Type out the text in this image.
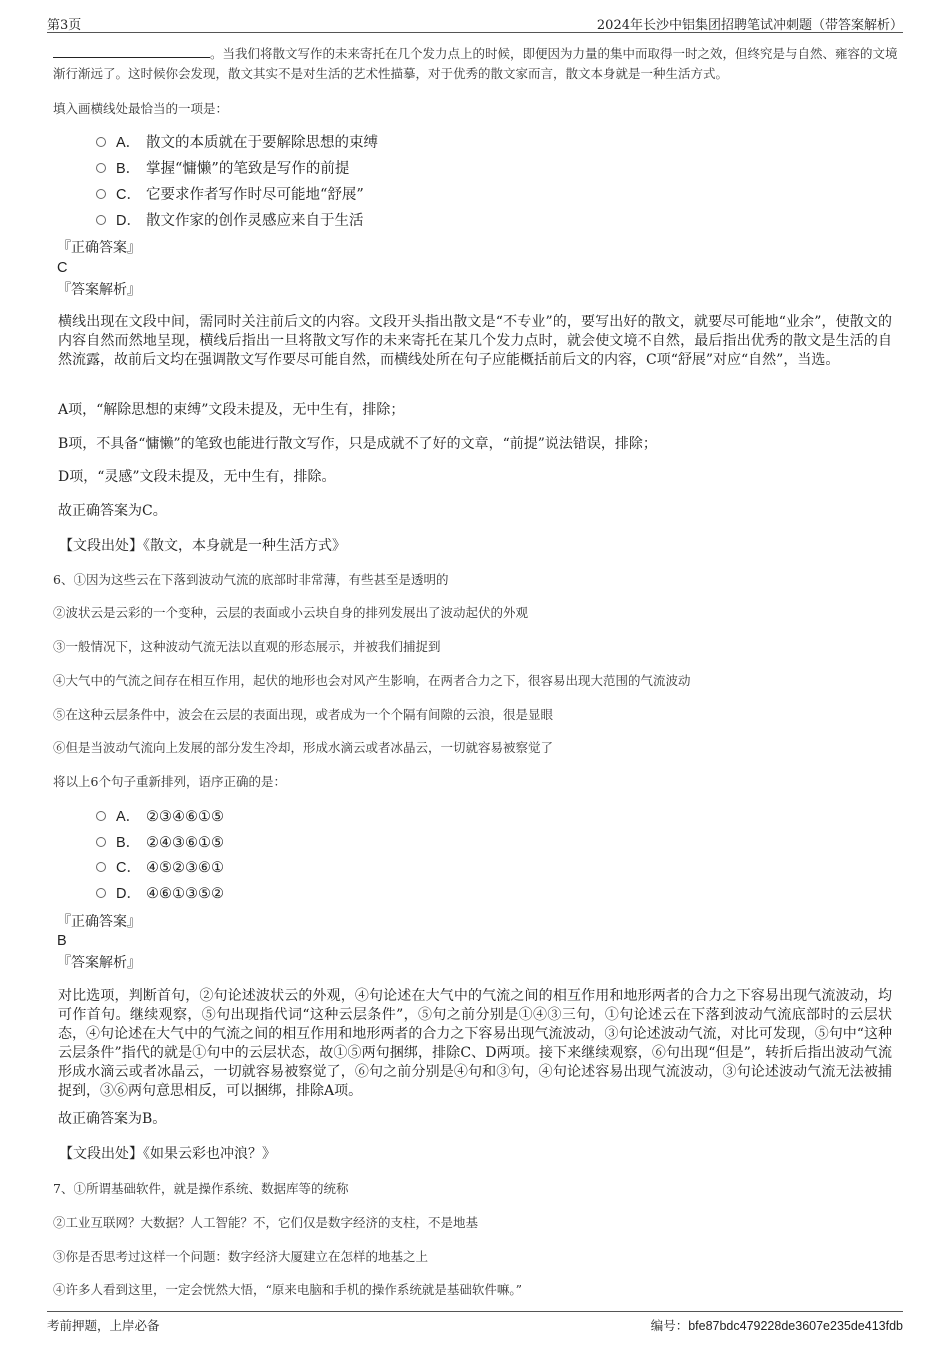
第3页	2024年长沙中铝集团招聘笔试冲刺题（带答案解析）
。当我们将散文写作的未来寄托在几个发力点上的时候，即便因为力量的集中而取得一时之效，但终究是与自然、雍容的文境渐行渐远了。这时候你会发现，散文其实不是对生活的艺术性描摹，对于优秀的散文家而言，散文本身就是一种生活方式。
填入画横线处最恰当的一项是：
A． 散文的本质就在于要解除思想的束缚
B． 掌握“慵懒”的笔致是写作的前提
C． 它要求作者写作时尽可能地“舒展”
D． 散文作家的创作灵感应来自于生活
『正确答案』
C
『答案解析』
横线出现在文段中间，需同时关注前后文的内容。文段开头指出散文是“不专业”的，要写出好的散文，就要尽可能地“业余”，使散文的内容自然而然地呈现，横线后指出一旦将散文写作的未来寄托在某几个发力点时，就会使文境不自然，最后指出优秀的散文是生活的自然流露，故前后文均在强调散文写作要尽可能自然，而横线处所在句子应能概括前后文的内容，C项“舒展”对应“自然”，当选。
A项，“解除思想的束缚”文段未提及，无中生有，排除；
B项，不具备“慵懒”的笔致也能进行散文写作，只是成就不了好的文章，“前提”说法错误，排除；
D项，“灵感”文段未提及，无中生有，排除。
故正确答案为C。
【文段出处】《散文，本身就是一种生活方式》
6、①因为这些云在下落到波动气流的底部时非常薄，有些甚至是透明的
②波状云是云彩的一个变种，云层的表面或小云块自身的排列发展出了波动起伏的外观
③一般情况下，这种波动气流无法以直观的形态展示，并被我们捕捉到
④大气中的气流之间存在相互作用，起伏的地形也会对风产生影响，在两者合力之下，很容易出现大范围的气流波动
⑤在这种云层条件中，波会在云层的表面出现，或者成为一个个隔有间隙的云浪，很是显眼
⑥但是当波动气流向上发展的部分发生冷却，形成水滴云或者冰晶云，一切就容易被察觉了
将以上6个句子重新排列，语序正确的是：
A． ②③④⑥①⑤
B． ②④③⑥①⑤
C． ④⑤②③⑥①
D． ④⑥①③⑤②
『正确答案』
B
『答案解析』
对比选项，判断首句，②句论述波状云的外观，④句论述在大气中的气流之间的相互作用和地形两者的合力之下容易出现气流波动，均可作首句。继续观察，⑤句出现指代词“这种云层条件”，⑤句之前分别是①④③三句，①句论述云在下落到波动气流底部时的云层状态，④句论述在大气中的气流之间的相互作用和地形两者的合力之下容易出现气流波动，③句论述波动气流，对比可发现，⑤句中“这种云层条件”指代的就是①句中的云层状态，故①⑤两句捆绑，排除C、D两项。接下来继续观察，⑥句出现“但是”，转折后指出波动气流形成水滴云或者冰晶云，一切就容易被察觉了，⑥句之前分别是④句和③句，④句论述容易出现气流波动，③句论述波动气流无法被捕捉到，③⑥两句意思相反，可以捆绑，排除A项。
故正确答案为B。
【文段出处】《如果云彩也冲浪？》
7、①所谓基础软件，就是操作系统、数据库等的统称
②工业互联网？大数据？人工智能？不，它们仅是数字经济的支柱，不是地基
③你是否思考过这样一个问题：数字经济大厦建立在怎样的地基之上
④许多人看到这里，一定会恍然大悟，“原来电脑和手机的操作系统就是基础软件嘛。”
考前押题，上岸必备	编号：bfe87bdc479228de3607e235de413fdb
